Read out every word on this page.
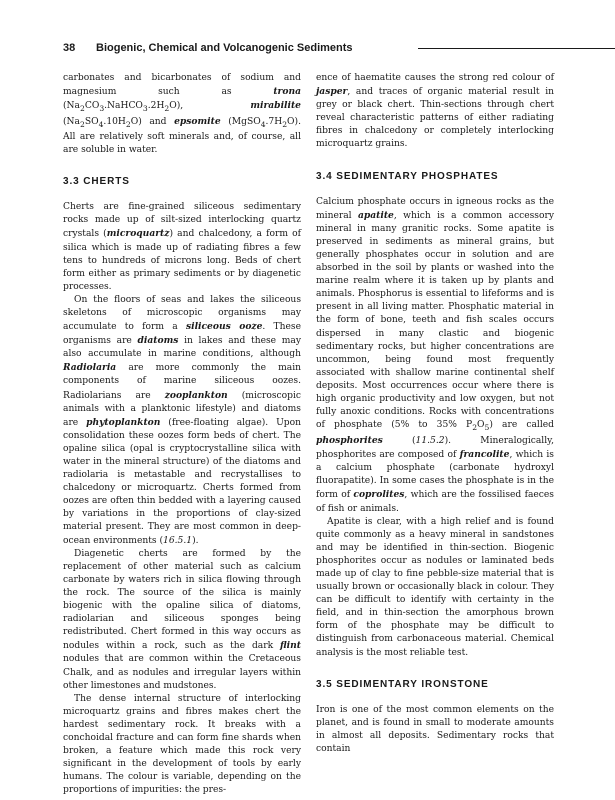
38 Biogenic, Chemical and Volcanogenic Sediments

carbonates and bicarbonates of sodium and magnesium such as trona $(Na_2CO_3.NaHCO_3.2H_2O)$, mirabilite $(Na_2SO_4.10H_2O)$ and epsomite $(MgSO_4.7H_2O)$. All are relatively soft minerals and, of course, all are soluble in water.

3.3 CHERTS

Cherts are fine-grained siliceous sedimentary rocks made up of silt-sized interlocking quartz crystals (microquartz) and chalcedony, a form of silica which is made up of radiating fibres a few tens to hundreds of microns long. Beds of chert form either as primary sediments or by diagenetic processes.

On the floors of seas and lakes the siliceous skeletons of microscopic organisms may accumulate to form a siliceous ooze. These organisms are diatoms in lakes and these may also accumulate in marine conditions, although Radiolaria are more commonly the main components of marine siliceous oozes. Radiolarians are zooplankton (microscopic animals with a planktonic lifestyle) and diatoms are phytoplankton (free-floating algae). Upon consolidation these oozes form beds of chert. The opaline silica (opal is cryptocrystalline silica with water in the mineral structure) of the diatoms and radiolaria is metastable and recrystallises to chalcedony or microquartz. Cherts formed from oozes are often thin bedded with a layering caused by variations in the proportions of clay-sized material present. They are most common in deep-ocean environments (16.5.1).

Diagenetic cherts are formed by the replacement of other material such as calcium carbonate by waters rich in silica flowing through the rock. The source of the silica is mainly biogenic with the opaline silica of diatoms, radiolarian and siliceous sponges being redistributed. Chert formed in this way occurs as nodules within a rock, such as the dark flint nodules that are common within the Cretaceous Chalk, and as nodules and irregular layers within other limestones and mudstones.

The dense internal structure of interlocking microquartz grains and fibres makes chert the hardest sedimentary rock. It breaks with a conchoidal fracture and can form fine shards when broken, a feature which made this rock very significant in the development of tools by early humans. The colour is variable, depending on the proportions of impurities: the pres-

ence of haematite causes the strong red colour of jasper, and traces of organic material result in grey or black chert. Thin-sections through chert reveal characteristic patterns of either radiating fibres in chalcedony or completely interlocking microquartz grains.

3.4 SEDIMENTARY PHOSPHATES

Calcium phosphate occurs in igneous rocks as the mineral apatite, which is a common accessory mineral in many granitic rocks. Some apatite is preserved in sediments as mineral grains, but generally phosphates occur in solution and are absorbed in the soil by plants or washed into the marine realm where it is taken up by plants and animals. Phosphorus is essential to lifeforms and is present in all living matter. Phosphatic material in the form of bone, teeth and fish scales occurs dispersed in many clastic and biogenic sedimentary rocks, but higher concentrations are uncommon, being found most frequently associated with shallow marine continental shelf deposits. Most occurrences occur where there is high organic productivity and low oxygen, but not fully anoxic conditions. Rocks with concentrations of phosphate (5% to 35% $P_2O_5$) are called phosphorites (11.5.2). Mineralogically, phosphorites are composed of francolite, which is a calcium phosphate (carbonate hydroxyl fluorapatite). In some cases the phosphate is in the form of coprolites, which are the fossilised faeces of fish or animals.

Apatite is clear, with a high relief and is found quite commonly as a heavy mineral in sandstones and may be identified in thin-section. Biogenic phosphorites occur as nodules or laminated beds made up of clay to fine pebble-size material that is usually brown or occasionally black in colour. They can be difficult to identify with certainty in the field, and in thin-section the amorphous brown form of the phosphate may be difficult to distinguish from carbonaceous material. Chemical analysis is the most reliable test.

3.5 SEDIMENTARY IRONSTONE

Iron is one of the most common elements on the planet, and is found in small to moderate amounts in almost all deposits. Sedimentary rocks that contain
